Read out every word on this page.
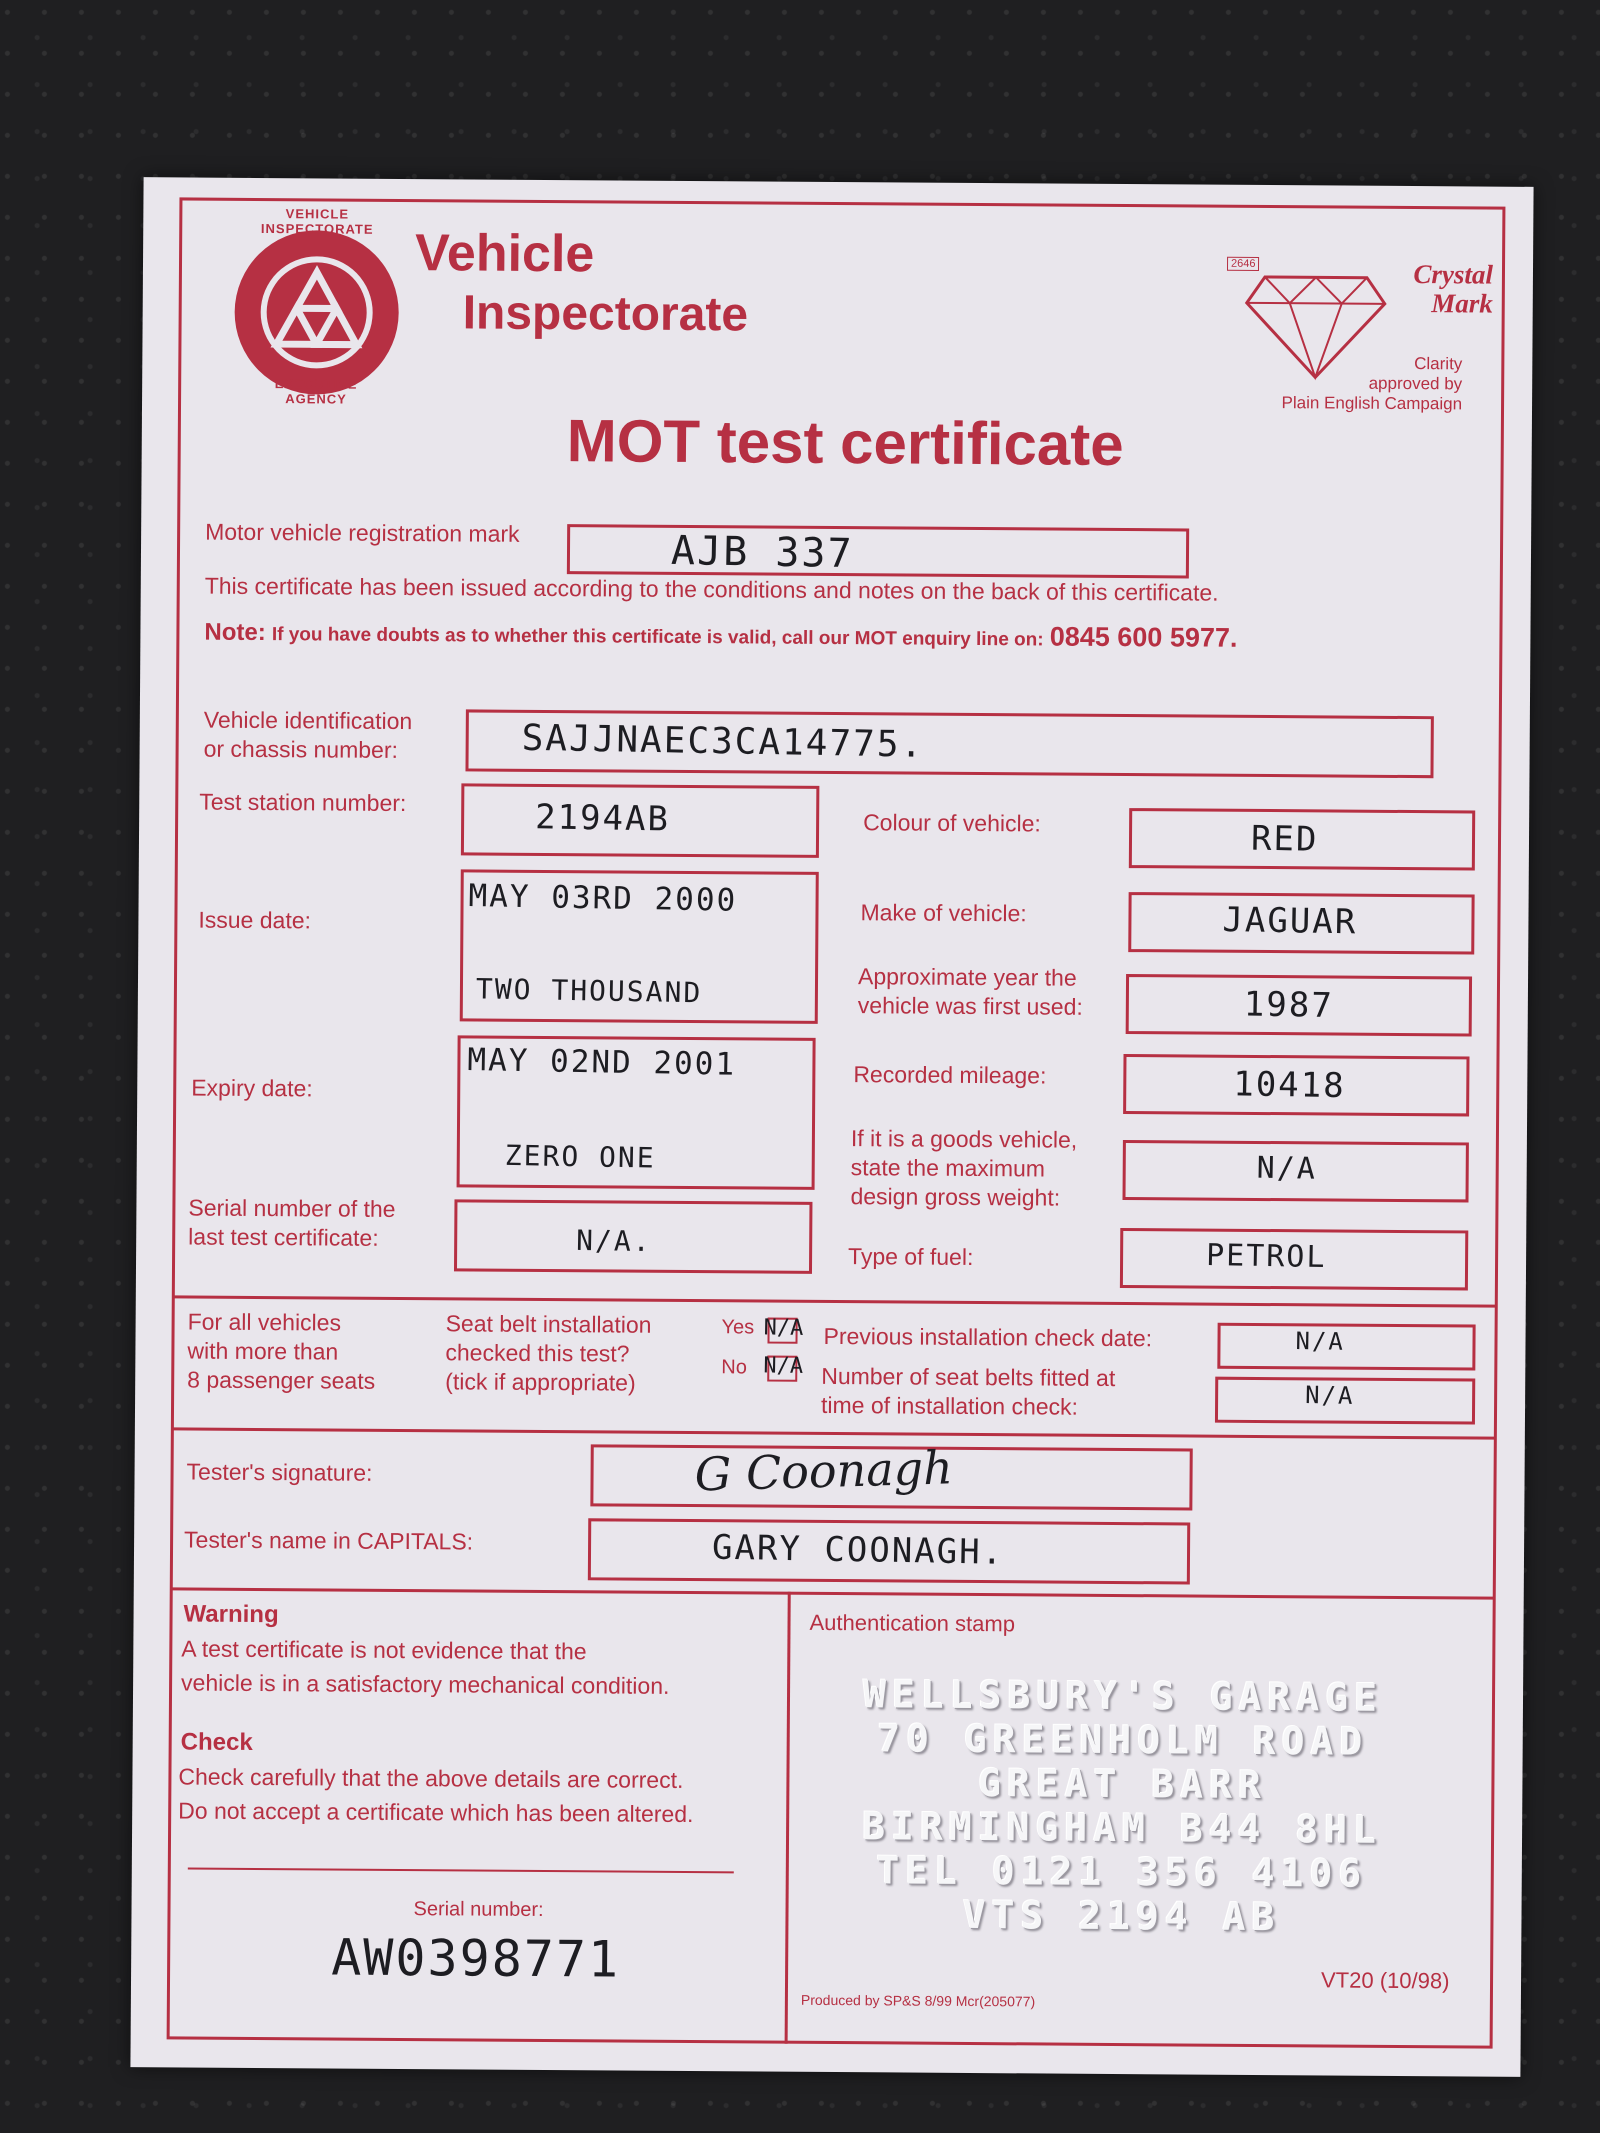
EXECUTIVE AGENCY
VEHICLE INSPECTORATE Vehicle
Inspectorate
MOT test certificate
2646	Crystal Mark
Clarity
approved by
Plain English Campaign
Motor vehicle registration mark	AJB 337
This certificate has been issued according to the conditions and notes on the back of this certificate.
Note: If you have doubts as to whether this certificate is valid, call our MOT enquiry line on: 0845 600 5977.
Vehicle identification
or chassis number:	SAJJNAEC3CA14775.
Test station number:	2194AB
Issue date:
MAY 03RD 2000
TWO THOUSAND
Expiry date:
MAY 02ND 2001
ZERO ONE
Serial number of the
last test certificate:	N/A.
Colour of vehicle:	RED
Make of vehicle:	JAGUAR
Approximate year the
vehicle was first used:	1987
Recorded mileage:	10418
If it is a goods vehicle,
state the maximum
design gross weight:
N/A
Type of fuel:	PETROL
For all vehicles
with more than
8 passenger seats
Seat belt installation
checked this test?
(tick if appropriate)
Yes N/A
No N/A
Previous installation check date:	N/A
Number of seat belts fitted at
time of installation check:	N/A
Tester's signature:	G Coonagh
Tester's name in CAPITALS:	GARY COONAGH.
Warning
A test certificate is not evidence that the
vehicle is in a satisfactory mechanical condition.
Check
Check carefully that the above details are correct.
Do not accept a certificate which has been altered.
Serial number:
AW0398771
Authentication stamp
WELLSBURY'S GARAGE
70 GREENHOLM ROAD
GREAT BARR
BIRMINGHAM B44 8HL
TEL 0121 356 4106
VTS 2194 AB
Produced by SP&S 8/99 Mcr(205077)
VT20 (10/98)
